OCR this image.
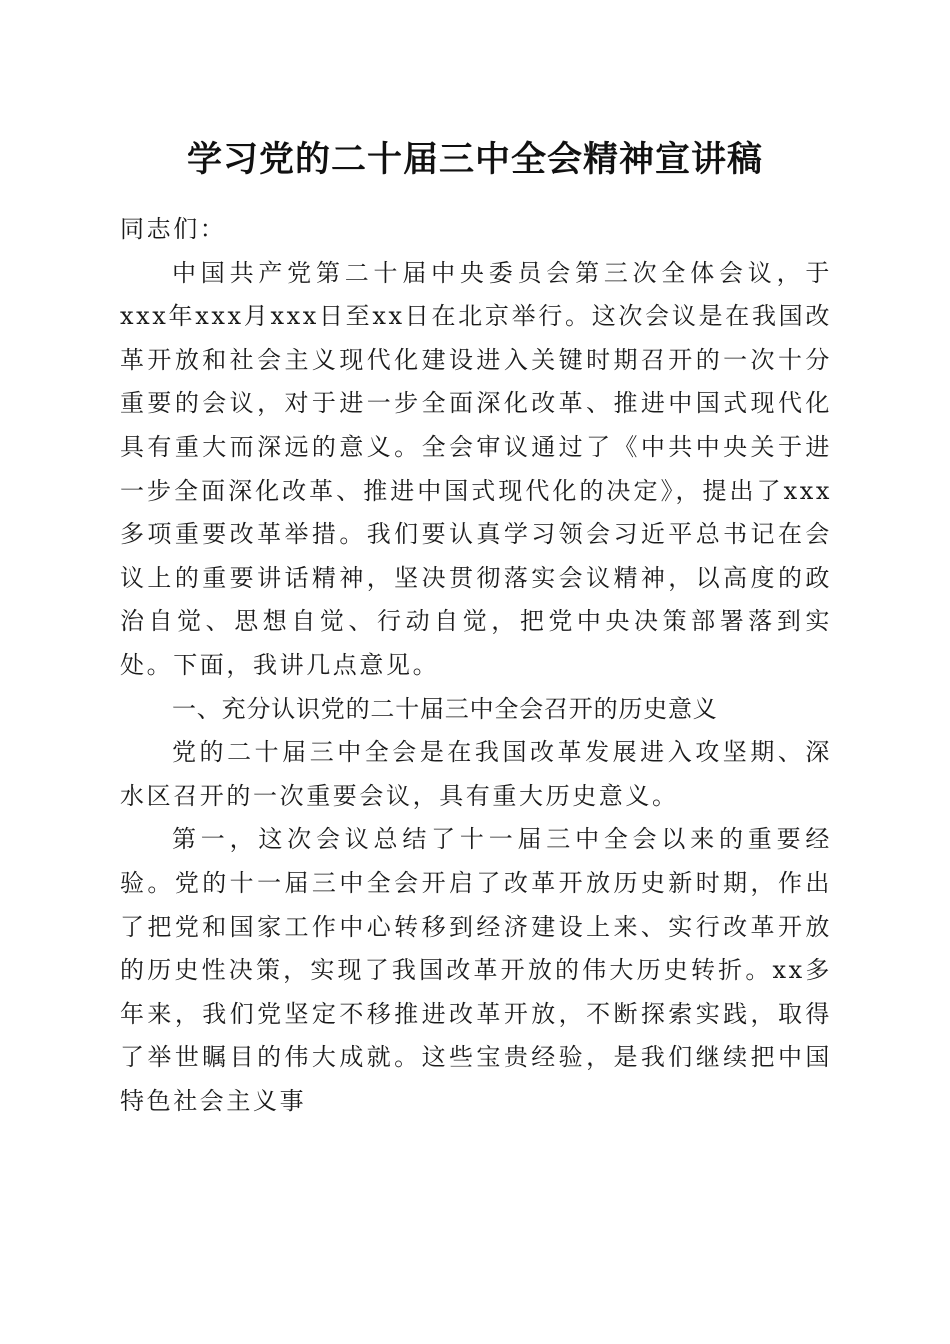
学习党的二十届三中全会精神宣讲稿

同志们：

中国共产党第二十届中央委员会第三次全体会议，于xxx年xxx月xxx日至xx日在北京举行。这次会议是在我国改革开放和社会主义现代化建设进入关键时期召开的一次十分重要的会议，对于进一步全面深化改革、推进中国式现代化具有重大而深远的意义。全会审议通过了《中共中央关于进一步全面深化改革、推进中国式现代化的决定》，提出了xxx多项重要改革举措。我们要认真学习领会习近平总书记在会议上的重要讲话精神，坚决贯彻落实会议精神，以高度的政治自觉、思想自觉、行动自觉，把党中央决策部署落到实处。下面，我讲几点意见。

一、充分认识党的二十届三中全会召开的历史意义

党的二十届三中全会是在我国改革发展进入攻坚期、深水区召开的一次重要会议，具有重大历史意义。

第一，这次会议总结了十一届三中全会以来的重要经验。党的十一届三中全会开启了改革开放历史新时期，作出了把党和国家工作中心转移到经济建设上来、实行改革开放的历史性决策，实现了我国改革开放的伟大历史转折。xx多年来，我们党坚定不移推进改革开放，不断探索实践，取得了举世瞩目的伟大成就。这些宝贵经验，是我们继续把中国特色社会主义事
